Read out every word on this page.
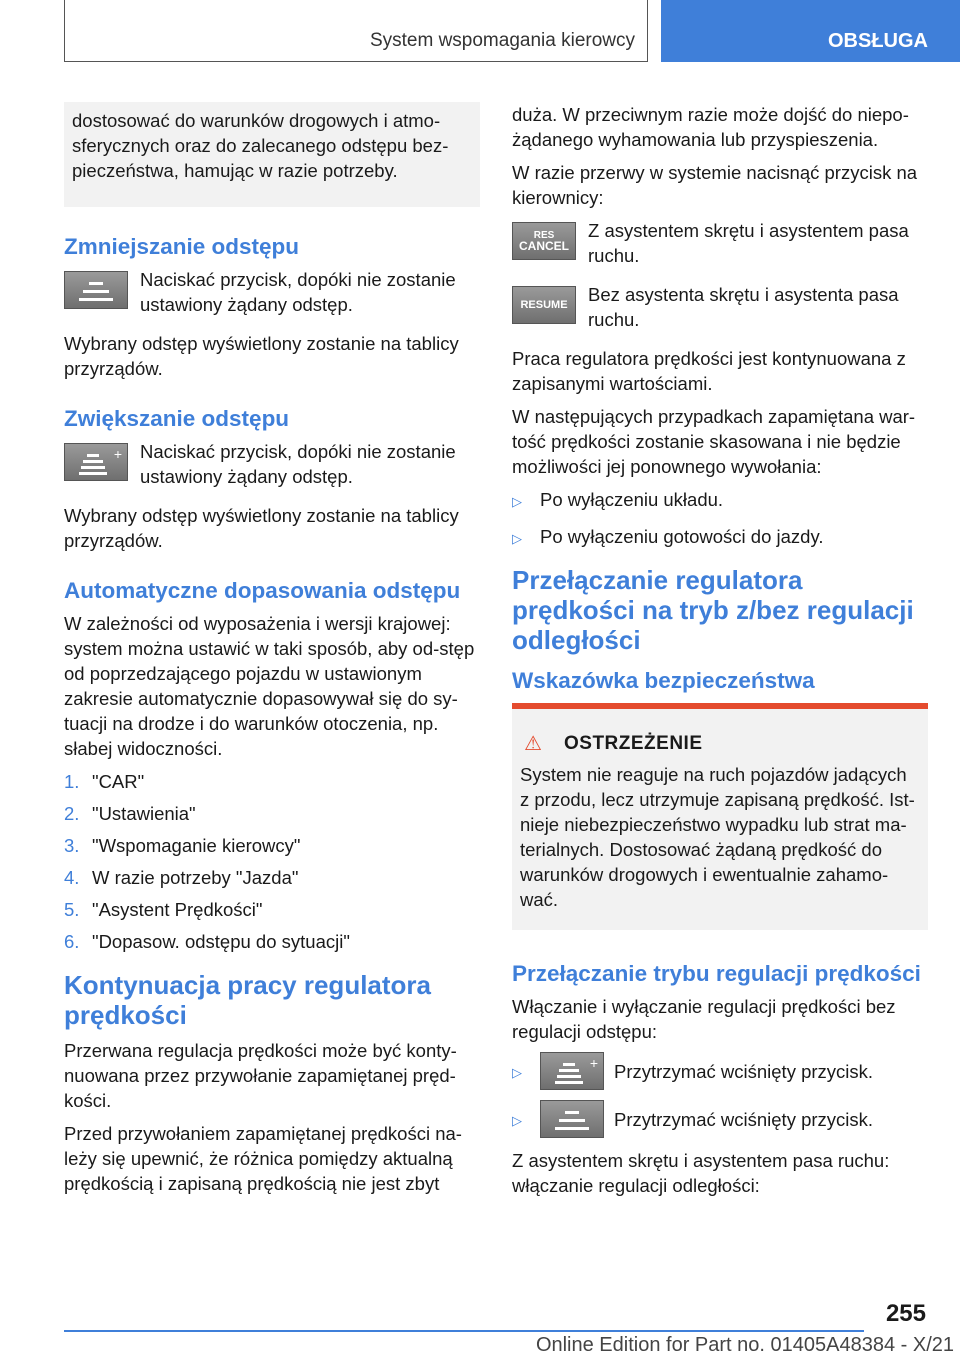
System wspomagania kierowcy	OBSŁUGA

dostosować do warunków drogowych i atmo-sferycznych oraz do zalecanego odstępu bez-pieczeństwa, hamując w razie potrzeby.

Zmniejszanie odstępu

Naciskać przycisk, dopóki nie zostanie ustawiony żądany odstęp.

Wybrany odstęp wyświetlony zostanie na tablicy przyrządów.

Zwiększanie odstępu
+ Naciskać przycisk, dopóki nie zostanie ustawiony żądany odstęp.

Wybrany odstęp wyświetlony zostanie na tablicy przyrządów.

Automatyczne dopasowania odstępu

W zależności od wyposażenia i wersji krajowej: system można ustawić w taki sposób, aby od-stęp od poprzedzającego pojazdu w ustawionym zakresie automatycznie dopasowywał się do sy-tuacji na drodze i do warunków otoczenia, np. słabej widoczności.

1. "CAR"
2. "Ustawienia"
3. "Wspomaganie kierowcy"
4. W razie potrzeby "Jazda"
5. "Asystent Prędkości"
6. "Dopasow. odstępu do sytuacji"
Kontynuacja pracy regulatora prędkości

Przerwana regulacja prędkości może być konty-nuowana przez przywołanie zapamiętanej pręd-kości.

Przed przywołaniem zapamiętanej prędkości na-leży się upewnić, że różnica pomiędzy aktualną prędkością i zapisaną prędkością nie jest zbyt

duża. W przeciwnym razie może dojść do niepo-żądanego wyhamowania lub przyspieszenia.

W razie przerwy w systemie nacisnąć przycisk na kierownicy:

RES
CANCEL

Z asystentem skrętu i asystentem pasa ruchu.

RESUME Bez asystenta skrętu i asystenta pasa ruchu.

Praca regulatora prędkości jest kontynuowana z zapisanymi wartościami.

W następujących przypadkach zapamiętana war-tość prędkości zostanie skasowana i nie będzie możliwości jej ponownego wywołania:

▷ Po wyłączeniu układu.
▷ Po wyłączeniu gotowości do jazdy.
Przełączanie regulatora prędkości na tryb z/bez regulacji odległości
Wskazówka bezpieczeństwa
⚠	OSTRZEŻENIE

System nie reaguje na ruch pojazdów jadących z przodu, lecz utrzymuje zapisaną prędkość. Ist-nieje niebezpieczeństwo wypadku lub strat ma-terialnych. Dostosować żądaną prędkość do warunków drogowych i ewentualnie zahamo-wać.

Przełączanie trybu regulacji prędkości

Włączanie i wyłączanie regulacji prędkości bez regulacji odstępu:

▷
+ Przytrzymać wciśnięty przycisk.
▷	Przytrzymać wciśnięty przycisk.

Z asystentem skrętu i asystentem pasa ruchu: włączanie regulacji odległości:

255
Online Edition for Part no. 01405A48384 - X/21
